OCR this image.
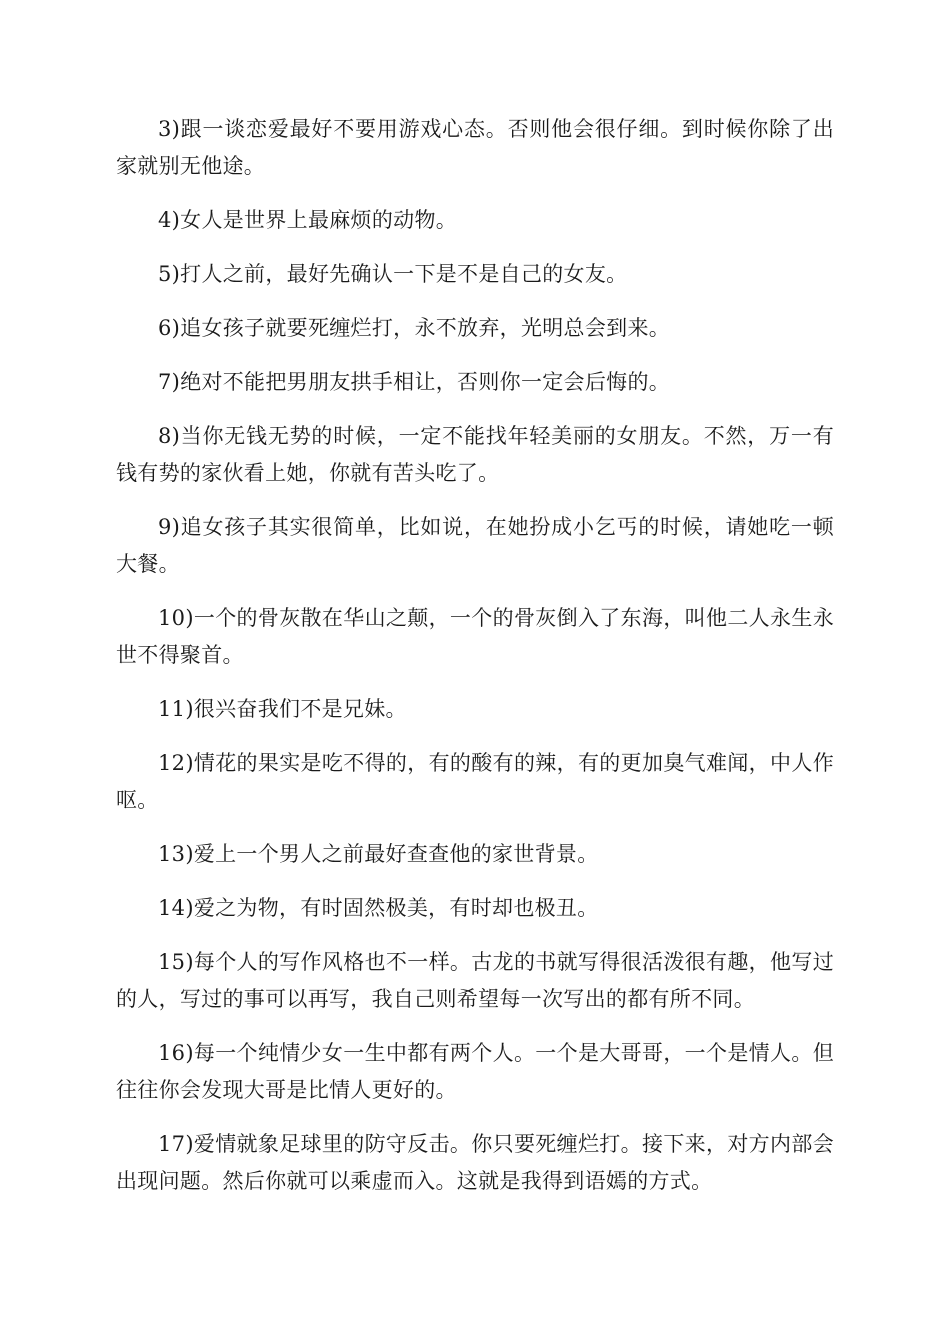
3)跟一谈恋爱最好不要用游戏心态。否则他会很仔细。到时候你除了出家就别无他途。

4)女人是世界上最麻烦的动物。

5)打人之前，最好先确认一下是不是自己的女友。

6)追女孩子就要死缠烂打，永不放弃，光明总会到来。

7)绝对不能把男朋友拱手相让，否则你一定会后悔的。

8)当你无钱无势的时候，一定不能找年轻美丽的女朋友。不然，万一有钱有势的家伙看上她，你就有苦头吃了。

9)追女孩子其实很简单，比如说，在她扮成小乞丐的时候，请她吃一顿大餐。

10)一个的骨灰散在华山之颠，一个的骨灰倒入了东海，叫他二人永生永世不得聚首。

11)很兴奋我们不是兄妹。

12)情花的果实是吃不得的，有的酸有的辣，有的更加臭气难闻，中人作呕。

13)爱上一个男人之前最好查查他的家世背景。

14)爱之为物，有时固然极美，有时却也极丑。

15)每个人的写作风格也不一样。古龙的书就写得很活泼很有趣，他写过的人，写过的事可以再写，我自己则希望每一次写出的都有所不同。

16)每一个纯情少女一生中都有两个人。一个是大哥哥，一个是情人。但往往你会发现大哥是比情人更好的。

17)爱情就象足球里的防守反击。你只要死缠烂打。接下来，对方内部会出现问题。然后你就可以乘虚而入。这就是我得到语嫣的方式。
